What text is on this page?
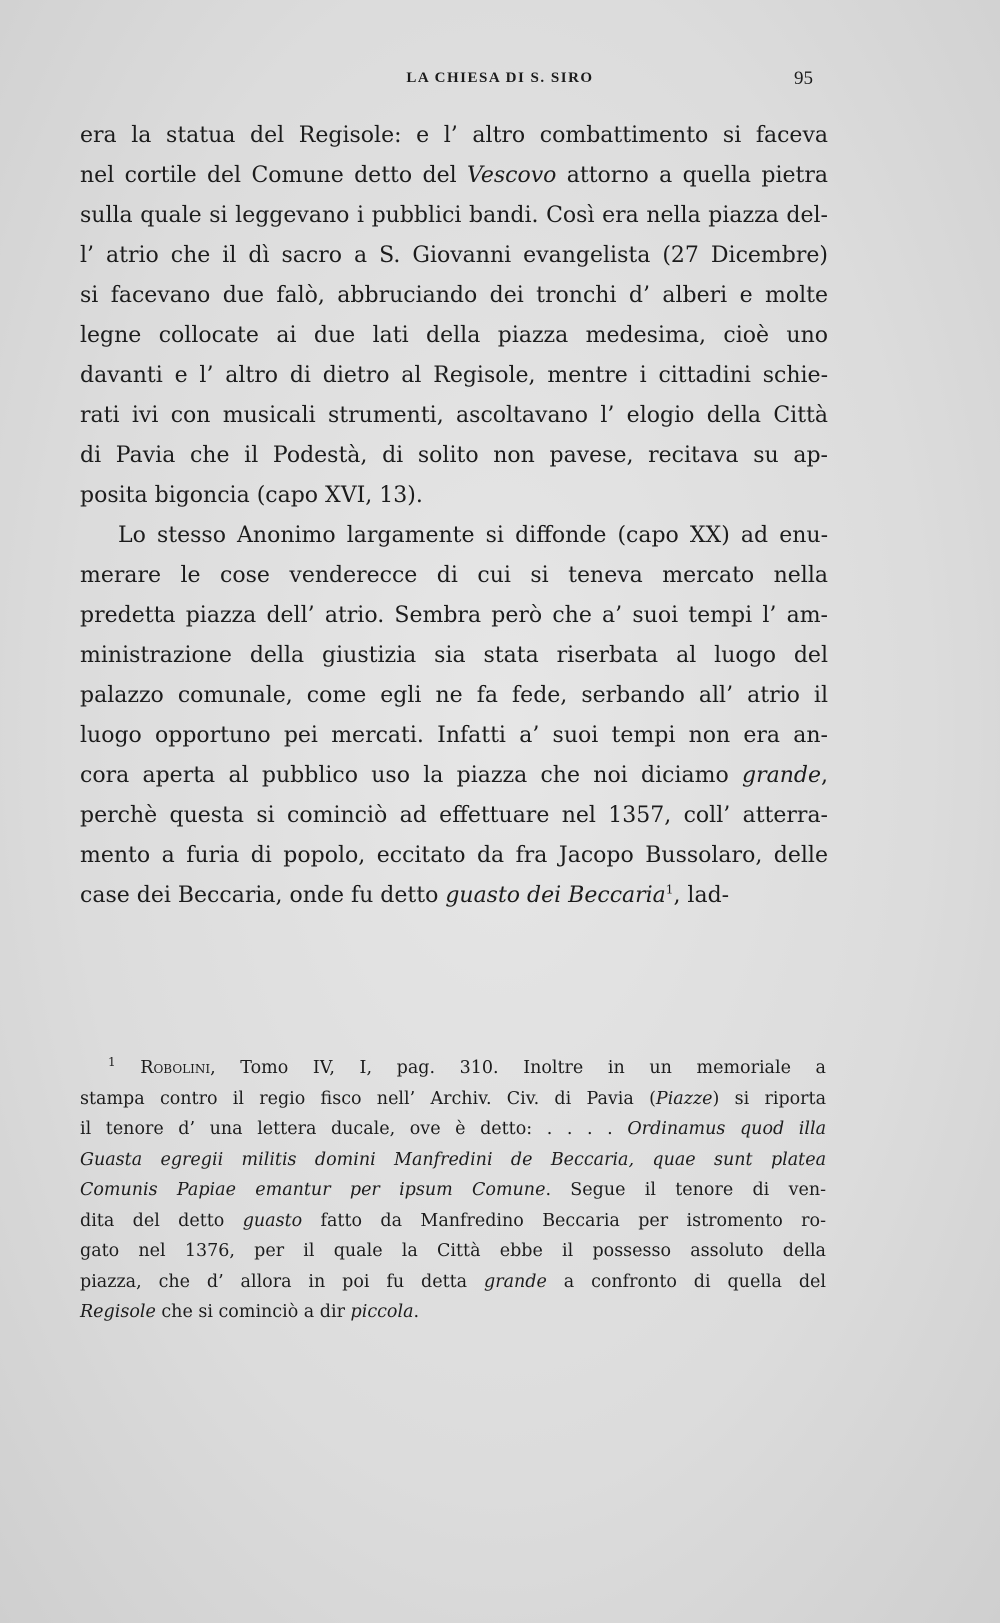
LA CHIESA DI S. SIRO	95
era la statua del Regisole: e l’ altro combattimento si faceva
nel cortile del Comune detto del Vescovo attorno a quella pietra
sulla quale si leggevano i pubblici bandi. Così era nella piazza del-
l’ atrio che il dì sacro a S. Giovanni evangelista (27 Dicembre)
si facevano due falò, abbruciando dei tronchi d’ alberi e molte
legne collocate ai due lati della piazza medesima, cioè uno
davanti e l’ altro di dietro al Regisole, mentre i cittadini schie-
rati ivi con musicali strumenti, ascoltavano l’ elogio della Città
di Pavia che il Podestà, di solito non pavese, recitava su ap-
posita bigoncia (capo XVI, 13).
Lo stesso Anonimo largamente si diffonde (capo XX) ad enu-
merare le cose venderecce di cui si teneva mercato nella
predetta piazza dell’ atrio. Sembra però che a’ suoi tempi l’ am-
ministrazione della giustizia sia stata riserbata al luogo del
palazzo comunale, come egli ne fa fede, serbando all’ atrio il
luogo opportuno pei mercati. Infatti a’ suoi tempi non era an-
cora aperta al pubblico uso la piazza che noi diciamo grande,
perchè questa si cominciò ad effettuare nel 1357, coll’ atterra-
mento a furia di popolo, eccitato da fra Jacopo Bussolaro, delle
case dei Beccaria, onde fu detto guasto dei Beccaria$^1$, lad-
$^1$ Robolini, Tomo IV, I, pag. 310. Inoltre in un memoriale a
stampa contro il regio fisco nell’ Archiv. Civ. di Pavia (Piazze) si riporta
il tenore d’ una lettera ducale, ove è detto: . . . . Ordinamus quod illa
Guasta egregii militis domini Manfredini de Beccaria, quae sunt platea
Comunis Papiae emantur per ipsum Comune. Segue il tenore di ven-
dita del detto guasto fatto da Manfredino Beccaria per istromento ro-
gato nel 1376, per il quale la Città ebbe il possesso assoluto della
piazza, che d’ allora in poi fu detta grande a confronto di quella del
Regisole che si cominciò a dir piccola.
